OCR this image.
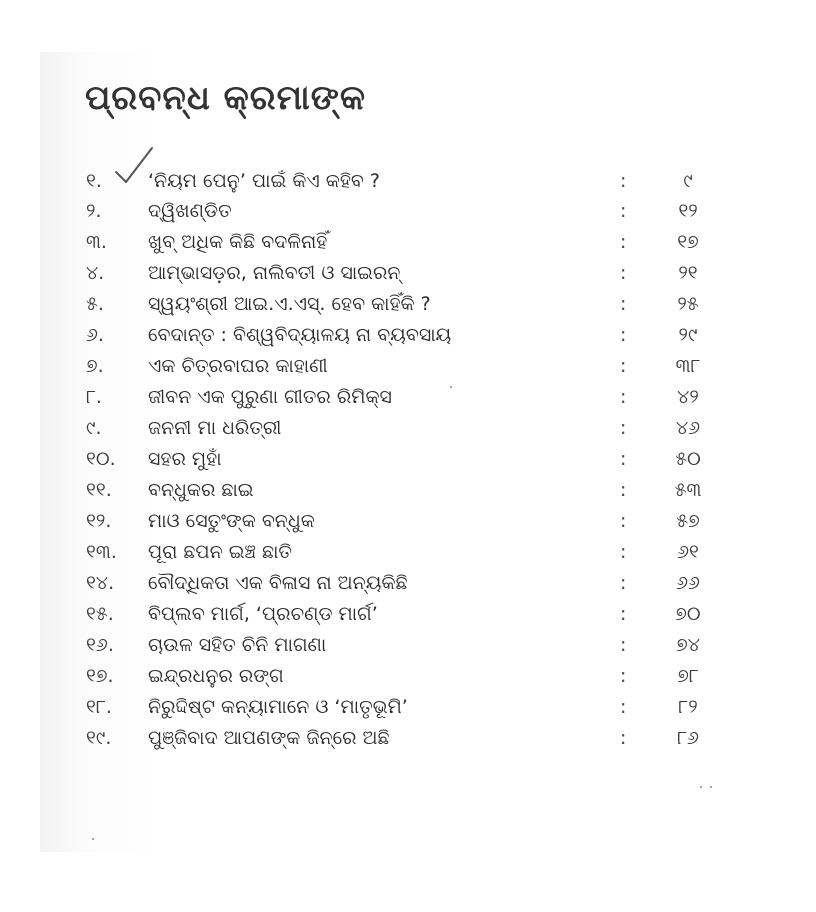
ପ୍ରବନ୍ଧ କ୍ରମାଙ୍କ
୧.	‘ନିୟମ ପେନୁ’ ପାଇଁ କିଏ କହିବ ?	:	୯
୨.	ଦ୍ୱିଖଣ୍ଡିତ	:	୧୨
୩.	ଖୁବ୍ ଅଧିକ କିଛି ବଦଳିନାହିଁ	:	୧୭
୪.	ଆମ୍ଭାସଡ଼ର, ନାଲିବତୀ ଓ ସାଇରନ୍	:	୨୧
୫.	ସ୍ୱୟଂଶ୍ରୀ ଆଇ.ଏ.ଏସ୍. ହେବ କାହିଁକି ?	:	୨୫
୬.	ବେଦାନ୍ତ : ବିଶ୍ୱବିଦ୍ୟାଳୟ ନା ବ୍ୟବସାୟ	:	୨୯
୭.	ଏକ ଚିତ୍ରବାଘର କାହାଣୀ	:	୩୮
୮.	ଜୀବନ ଏକ ପୁରୁଣା ଗୀତର ରିମିକ୍ସ	:	୪୨
୯.	ଜନନୀ ମା ଧରିତ୍ରୀ	:	୪୬
୧୦.	ସହର ମୁହାଁ	:	୫୦
୧୧.	ବନ୍ଧୁକର ଛାଇ	:	୫୩
୧୨.	ମାଓ ସେତୁଂଙ୍କ ବନ୍ଧୁକ	:	୫୭
୧୩.	ପୂରା ଛପନ ଇଞ୍ଚ ଛାତି	:	୬୧
୧୪.	ବୌଦ୍ଧିକତା ଏକ ବିଳାସ ନା ଅନ୍ୟକିଛି	:	୬୬
୧୫.	ବିପ୍ଲବ ମାର୍ଗ, ‘ପ୍ରଚଣ୍ଡ ମାର୍ଗ’	:	୭୦
୧୬.	ଚାଉଳ ସହିତ ଚିନି ମାଗଣା	:	୭୪
୧୭.	ଇନ୍ଦ୍ରଧନୁର ରଙ୍ଗ	:	୭୮
୧୮.	ନିରୁଦ୍ଦିଷ୍ଟ କନ୍ୟାମାନେ ଓ ‘ମାତୃଭୂମି’	:	୮୨
୧୯.	ପୁଞ୍ଜିବାଦ ଆପଣଙ୍କ ଜିନ୍‌ରେ ଅଛି	:	୮୬
